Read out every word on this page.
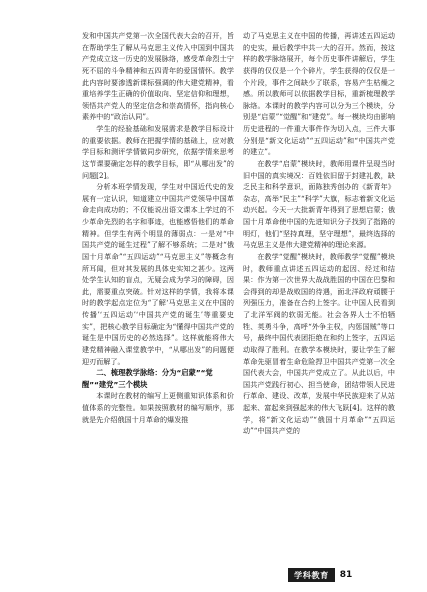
发和中国共产党第一次全国代表大会的召开，旨在帮助学生了解从马克思主义传入中国到中国共产党成立这一历史的发展脉络，感受革命烈士宁死不屈的斗争精神和五四青年的爱国情怀。教学此内容时要渗透新课标强调的伟大建党精神，看重培养学生正确的价值取向、坚定信仰和理想，领悟共产党人的坚定信念和崇高情怀，指向核心素养中的“政治认同”。

学生的经验基础和发展需求是教学目标设计的重要依据。教师在把握学情的基础上，应对教学目标和测评学情做同步研究，依据学情来思考这节课要确定怎样的教学目标，即“从哪出发”的问题[2]。

分析本班学情发现，学生对中国近代史的发展有一定认识，知道建立中国共产党领导中国革命走向成功的；不仅能说出语文课本上学过的不少革命先烈的名字和事迹，也能感悟他们的革命精神。但学生有两个明显的薄弱点：一是对“中国共产党的诞生过程”了解不够系统；二是对“俄国十月革命”“五四运动”“马克思主义”等概念有所耳闻，但对其发展的具体史实知之甚少。这两处学生认知的盲点，无疑会成为学习的障碍，因此，需要重点突破。针对这样的学情，我将本课时的教学起点定位为“了解‘马克思主义在中国的传播’‘五四运动’‘中国共产党的诞生’等重要史实”，把核心教学目标确定为“懂得中国共产党的诞生是中国历史的必然选择”。这样就能将伟大建党精神融入课堂教学中，“从哪出发”的问题便迎刃而解了。

二、梳理教学脉络：分为“启蒙”“觉醒”“建党”三个模块

本课时在教材的编写上更侧重知识体系和价值体系的完整性。如果按照教材的编写顺序，那就是先介绍俄国十月革命的爆发推

动了马克思主义在中国的传播，再讲述五四运动的史实，最后教学中共一大的召开。然而，按这样的教学脉络展开，每个历史事件讲解后，学生获得的仅仅是一个个碎片，学生获得的仅仅是一个片段，事件之间缺少了联系，容易产生枯燥之感。所以教师可以依据教学目标，重新梳理教学脉络。本课时的教学内容可以分为三个模块，分别是“启蒙”“觉醒”和“建党”。每一模块均由影响历史进程的一件重大事件作为切入点，三件大事分别是“新文化运动”“五四运动”和“中国共产党的建立”。

在教学“启蒙”模块时，教师用课件呈现当时旧中国的真实境况：百姓依旧留于封建礼教，缺乏民主和科学意识，面陈独秀创办的《新青年》杂志，高举“民主”“科学”大旗，标志着新文化运动兴起。今天一大批新青年得到了思想启蒙；俄国十月革命使中国的先进知识分子找到了指路的明灯，他们“坚持真理，坚守理想”，最终选择的马克思主义是伟大建党精神的理论来源。

在教学“觉醒”模块时，教师教学“觉醒”模块时，教师重点讲述五四运动的起因、经过和结果：作为第一次世界大战战胜国的中国在巴黎和会得到的却是战败国的待遇，面北洋政府頑腰于列强压力，准备在合约上签字。让中国人民看到了北洋军阀的软弱无能。社会各界人士不怕牺牲、英勇斗争，高呼“外争主权，内惩国贼”等口号，最终中国代表团拒绝在和约上签字，五四运动取得了胜利。在教学本模块时，要让学生了解革命先驱冒着生命危险捍卫中国共产党第一次全国代表大会，中国共产党成立了。从此以后，中国共产党践行初心、担当使命，团结带领人民进行革命、建设、改革，发展中华民族迎来了从站起来、富起来到强起来的伟大飞跃[4]。这样的教学，将“新文化运动”“俄国十月革命”“五四运动”“中国共产党的

学科教育	81
